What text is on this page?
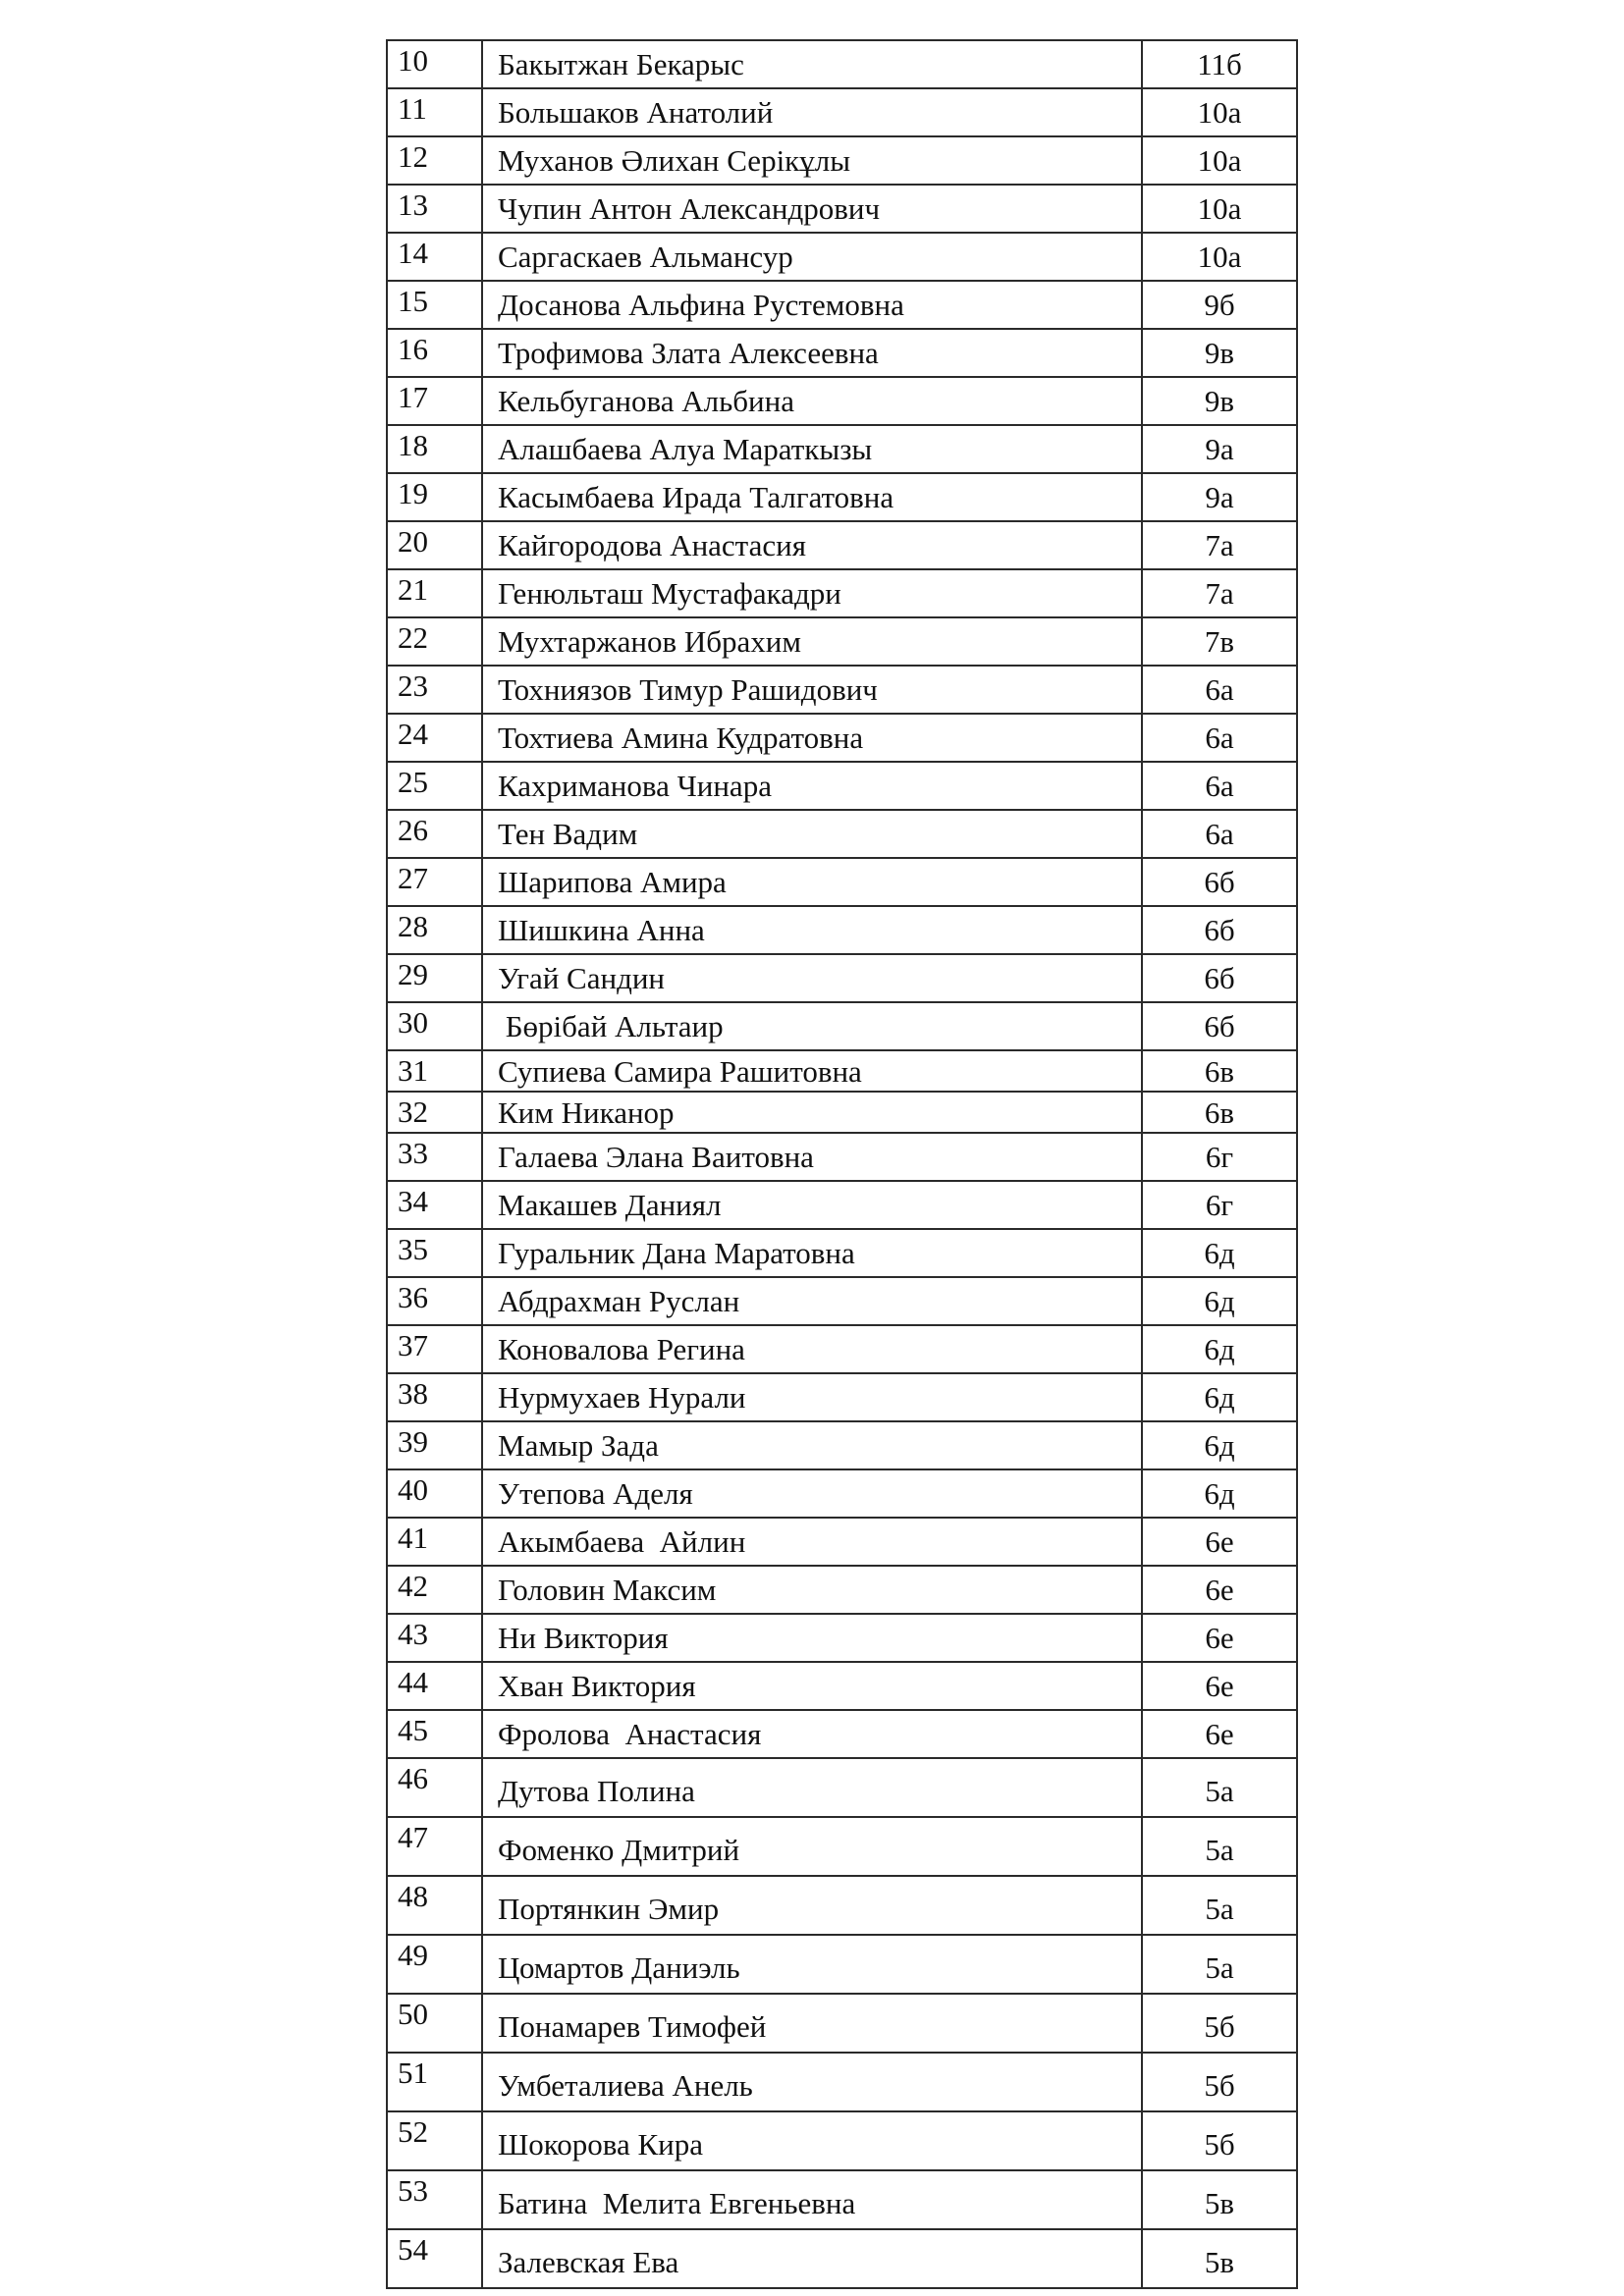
10	Бакытжан Бекарыс	11б
11	Большаков Анатолий	10а
12	Муханов Әлихан Серікұлы	10а
13	Чупин Антон Александрович	10а
14	Саргаскаев Альмансур	10а
15	Досанова Альфина Рустемовна	9б
16	Трофимова Злата Алексеевна	9в
17	Кельбуганова Альбина	9в
18	Алашбаева Алуа Мараткызы	9а
19	Касымбаева Ирада Талгатовна	9а
20	Кайгородова Анастасия	7а
21	Генюльташ Мустафакадри	7а
22	Мухтаржанов Ибрахим	7в
23	Тохниязов Тимур Рашидович	6а
24	Тохтиева Амина Кудратовна	6а
25	Кахриманова Чинара	6а
26	Тен Вадим	6а
27	Шарипова Амира	6б
28	Шишкина Анна	6б
29	Угай Сандин	6б
30	Бөрібай Альтаир	6б
31	Супиева Самира Рашитовна	6в
32	Ким Никанор	6в
33	Галаева Элана Ваитовна	6г
34	Макашев Даниял	6г
35	Гуральник Дана Маратовна	6д
36	Абдрахман Руслан	6д
37	Коновалова Регина	6д
38	Нурмухаев Нурали	6д
39	Мамыр Зада	6д
40	Утепова Аделя	6д
41	Акымбаева  Айлин	6е
42	Головин Максим	6е
43	Ни Виктория	6е
44	Хван Виктория	6е
45	Фролова  Анастасия	6е
46	Дутова Полина	5а
47	Фоменко Дмитрий	5а
48	Портянкин Эмир	5а
49	Цомартов Даниэль	5а
50	Понамарев Тимофей	5б
51	Умбеталиева Анель	5б
52	Шокорова Кира	5б
53	Батина  Мелита Евгеньевна	5в
54	Залевская Ева	5в
